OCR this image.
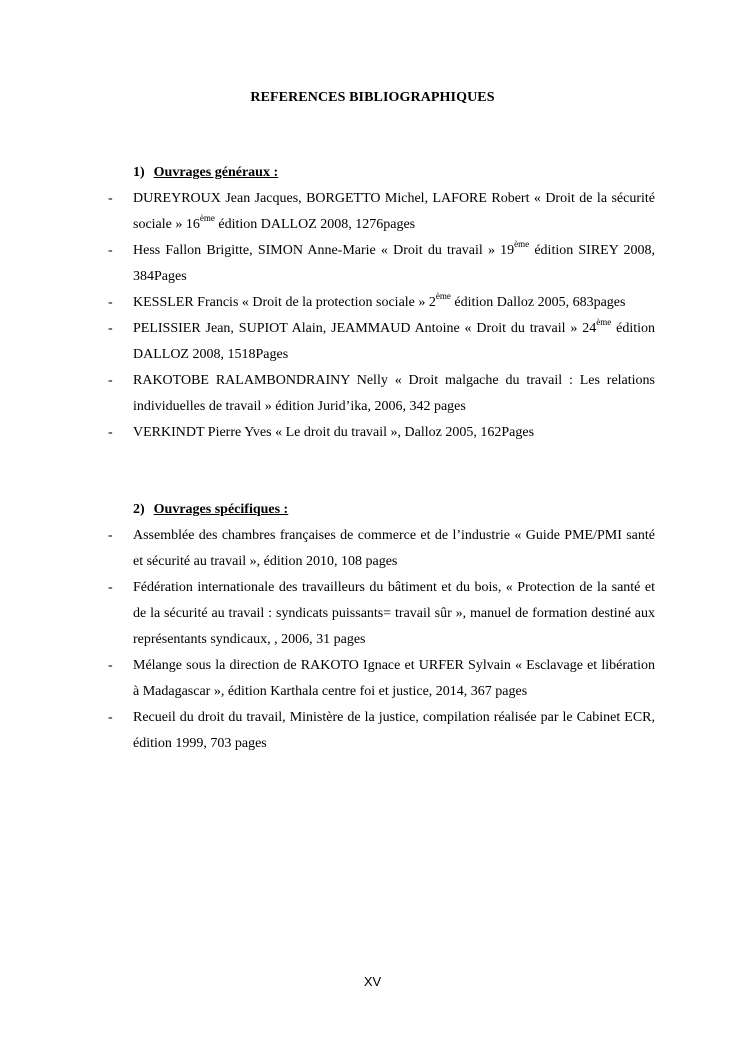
REFERENCES BIBLIOGRAPHIQUES
1) Ouvrages généraux :
- DUREYROUX Jean Jacques, BORGETTO Michel, LAFORE Robert « Droit de la sécurité sociale » 16ème édition DALLOZ 2008, 1276pages
- Hess Fallon Brigitte, SIMON Anne-Marie « Droit du travail » 19ème édition SIREY 2008, 384Pages
- KESSLER Francis « Droit de la protection sociale » 2ème édition Dalloz 2005, 683pages
- PELISSIER Jean, SUPIOT Alain, JEAMMAUD Antoine « Droit du travail » 24ème édition DALLOZ 2008, 1518Pages
- RAKOTOBE RALAMBONDRAINY Nelly « Droit malgache du travail : Les relations individuelles de travail » édition Jurid’ika, 2006, 342 pages
- VERKINDT Pierre Yves « Le droit du travail », Dalloz 2005, 162Pages
2) Ouvrages spécifiques :
- Assemblée des chambres françaises de commerce et de l’industrie « Guide PME/PMI santé et sécurité au travail », édition 2010, 108 pages
- Fédération internationale des travailleurs du bâtiment et du bois, « Protection de la santé et de la sécurité au travail : syndicats puissants= travail sûr », manuel de formation destiné aux représentants syndicaux, , 2006, 31 pages
- Mélange sous la direction de RAKOTO Ignace et URFER Sylvain « Esclavage et libération à Madagascar », édition Karthala centre foi et justice, 2014, 367 pages
- Recueil du droit du travail, Ministère de la justice, compilation réalisée par le Cabinet ECR, édition 1999, 703 pages
XV
